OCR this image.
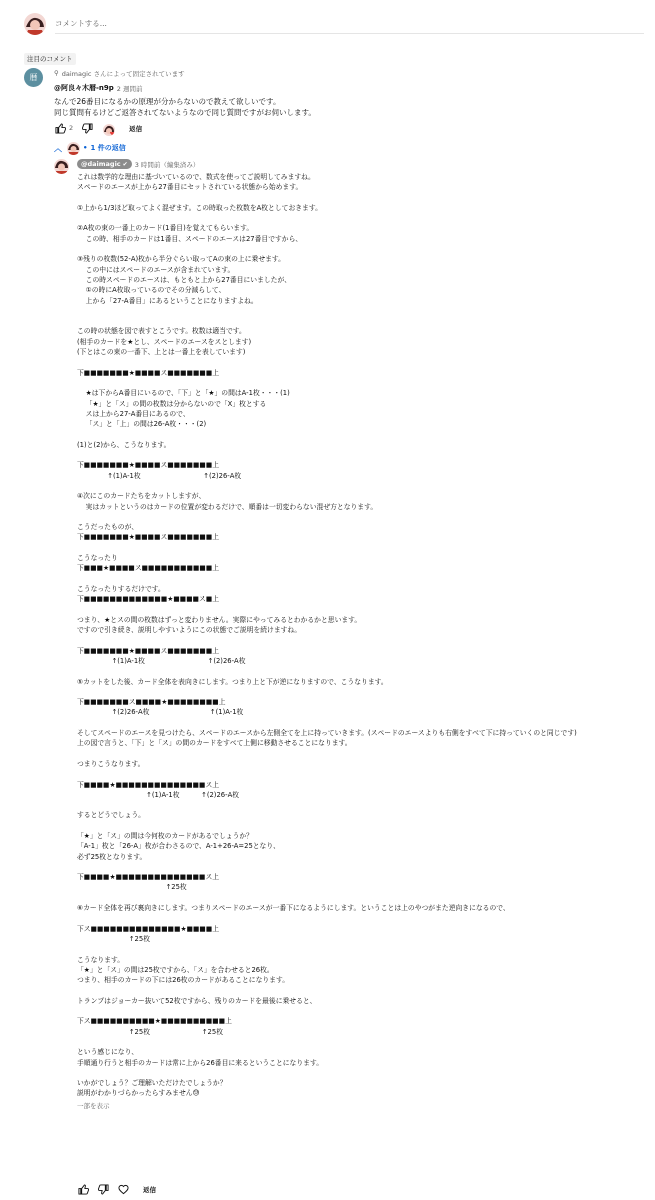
コメントする...
注目のコメント
暦	⚲ daimagic さんによって固定されています
@阿良々木暦-n9p 2 週間前
なんで26番目になるかの原理が分からないので教えて欲しいです。
同じ質問有るけどご返答されてないようなので同じ質問ですがお伺いします。
2	返信
︿	• 1 件の返信
@daimagic ✔ 3 時間前（編集済み）
これは数学的な理由に基づいているので、数式を使ってご説明してみますね。
スペードのエースが上から27番目にセットされている状態から始めます。

①上から1/3ほど取ってよく混ぜます。この時取った枚数をA枚としておきます。

②A枚の束の一番上のカード(1番目)を覚えてもらいます。
この時、相手のカードは1番目、スペードのエースは27番目ですから、

③残りの枚数(52-A)枚から半分ぐらい取ってAの束の上に乗せます。
この中にはスペードのエースが含まれています。
この時スペードのエースは、もともと上から27番目にいましたが、
①の時にA枚取っているのでその分減らして、
上から「27-A番目」にあるということになりますよね。

この時の状態を図で表すとこうです。枚数は適当です。
(相手のカードを★とし、スペードのエースをスとします)
(下とはこの束の一番下、上とは一番上を表しています)

下■■■■■■■★■■■■ス■■■■■■■上

★は下からA番目にいるので、「下」と「★」の間はA-1枚・・・(1)
「★」と「ス」の間の枚数は分からないので「X」枚とする
スは上から27-A番目にあるので、
「ス」と「上」の間は26-A枚・・・(2)

(1)と(2)から、こうなります。

下■■■■■■■★■■■■ス■■■■■■■上
↑(1)A-1枚                             ↑(2)26-A枚

④次にこのカードたちをカットしますが、
実はカットというのはカードの位置が変わるだけで、順番は一切変わらない混ぜ方となります。

こうだったものが、
下■■■■■■■★■■■■ス■■■■■■■上

こうなったり
下■■■★■■■■ス■■■■■■■■■■■上

こうなったりするだけです。
下■■■■■■■■■■■■■★■■■■ス■上

つまり、★とスの間の枚数はずっと変わりません。実際にやってみるとわかるかと思います。
ですので引き続き、説明しやすいようにこの状態でご説明を続けますね。

下■■■■■■■★■■■■ス■■■■■■■上
↑(1)A-1枚                             ↑(2)26-A枚

⑤カットをした後、カード全体を表向きにします。つまり上と下が逆になりますので、こうなります。

下■■■■■■■ス■■■■★■■■■■■■■上
↑(2)26-A枚                            ↑(1)A-1枚

そしてスペードのエースを見つけたら、スペードのエースから左側全てを上に持っていきます。(スペードのエースよりも右側をすべて下に持っていくのと同じです)
上の図で言うと、「下」と「ス」の間のカードをすべて上側に移動させることになります。

つまりこうなります。

下■■■■★■■■■■■■■■■■■■■ス上
↑(1)A-1枚          ↑(2)26-A枚

するとどうでしょう。

「★」と「ス」の間は今何枚のカードがあるでしょうか？
「A-1」枚と「26-A」枚が合わさるので、A-1+26-A=25となり、
必ず25枚となります。

下■■■■★■■■■■■■■■■■■■■ス上
↑25枚

⑥カード全体を再び裏向きにします。つまりスペードのエースが一番下になるようにします。ということは上のやつがまた逆向きになるので、

下ス■■■■■■■■■■■■■■★■■■■上
↑25枚

こうなります。
「★」と「ス」の間は25枚ですから、「ス」を合わせると26枚。
つまり、相手のカードの下には26枚のカードがあることになります。

トランプはジョーカー抜いて52枚ですから、残りのカードを最後に乗せると、

下ス■■■■■■■■■■★■■■■■■■■■■上
↑25枚                        ↑25枚

という感じになり、
手順通り行うと相手のカードは常に上から26番目に来るということになります。

いかがでしょう？ご理解いただけたでしょうか？
説明がわかりづらかったらすみません😓
一部を表示
返信
